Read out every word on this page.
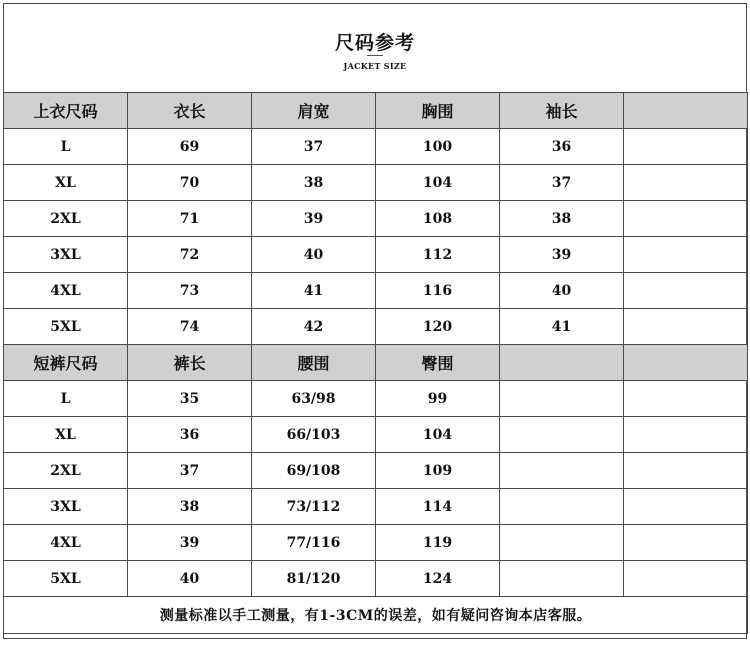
尺码参考
JACKET SIZE
上衣尺码	衣长	肩宽	胸围	袖长	
L	69	37	100	36	
XL	70	38	104	37	
2XL	71	39	108	38	
3XL	72	40	112	39	
4XL	73	41	116	40	
5XL	74	42	120	41	
短裤尺码	裤长	腰围	臀围		
L	35	63/98	99		
XL	36	66/103	104		
2XL	37	69/108	109		
3XL	38	73/112	114		
4XL	39	77/116	119		
5XL	40	81/120	124		
测量标准以手工测量，有1-3CM的误差，如有疑问咨询本店客服。					
